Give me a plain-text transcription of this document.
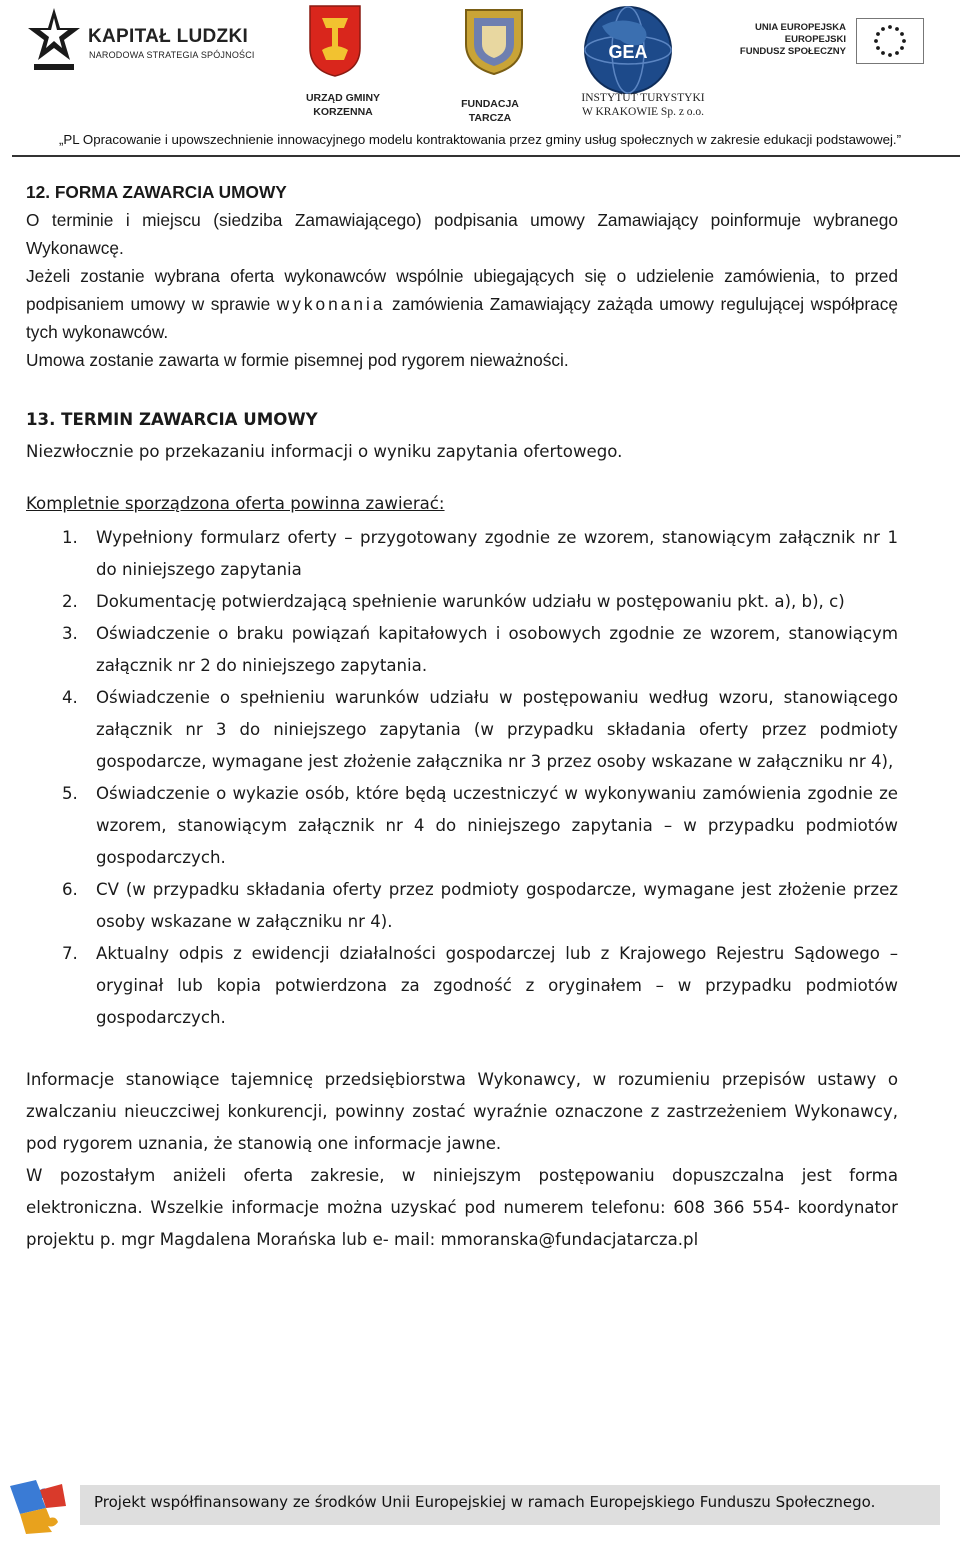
KAPITAŁ LUDZKI
NARODOWA STRATEGIA SPÓJNOŚCI	GEA
UNIA EUROPEJSKA
EUROPEJSKI
FUNDUSZ SPOŁECZNY
URZĄD GMINY
KORZENNA
FUNDACJA TARCZA
INSTYTUT TURYSTYKI
W KRAKOWIE Sp. z o.o.
„PL Opracowanie i upowszechnienie innowacyjnego modelu kontraktowania przez gminy usług społecznych w zakresie edukacji podstawowej.”

12. FORMA ZAWARCIA UMOWY

O terminie i miejscu (siedziba Zamawiającego) podpisania umowy Zamawiający poinformuje wybranego Wykonawcę.

Jeżeli zostanie wybrana oferta wykonawców wspólnie ubiegających się o udzielenie zamówienia, to przed podpisaniem umowy w sprawie wykonania zamówienia Zamawiający zażąda umowy regulującej współpracę tych wykonawców.

Umowa zostanie zawarta w formie pisemnej pod rygorem nieważności.

13. TERMIN ZAWARCIA UMOWY

Niezwłocznie po przekazaniu informacji o wyniku zapytania ofertowego.

Kompletnie sporządzona oferta powinna zawierać:

1. Wypełniony formularz oferty – przygotowany zgodnie ze wzorem, stanowiącym załącznik nr 1 do niniejszego zapytania
2. Dokumentację potwierdzającą spełnienie warunków udziału w postępowaniu pkt. a), b), c)
3. Oświadczenie o braku powiązań kapitałowych i osobowych zgodnie ze wzorem, stanowiącym załącznik nr 2 do niniejszego zapytania.
4. Oświadczenie o spełnieniu warunków udziału w postępowaniu według wzoru, stanowiącego załącznik nr 3 do niniejszego zapytania (w przypadku składania oferty przez podmioty gospodarcze, wymagane jest złożenie załącznika nr 3 przez osoby wskazane w załączniku nr 4),
5. Oświadczenie o wykazie osób, które będą uczestniczyć w wykonywaniu zamówienia zgodnie ze wzorem, stanowiącym załącznik nr 4 do niniejszego zapytania – w przypadku podmiotów gospodarczych.
6. CV (w przypadku składania oferty przez podmioty gospodarcze, wymagane jest złożenie przez osoby wskazane w załączniku nr 4).
7. Aktualny odpis z ewidencji działalności gospodarczej lub z Krajowego Rejestru Sądowego – oryginał lub kopia potwierdzona za zgodność z oryginałem – w przypadku podmiotów gospodarczych.

Informacje stanowiące tajemnicę przedsiębiorstwa Wykonawcy, w rozumieniu przepisów ustawy o zwalczaniu nieuczciwej konkurencji, powinny zostać wyraźnie oznaczone z zastrzeżeniem Wykonawcy, pod rygorem uznania, że stanowią one informacje jawne.

W pozostałym aniżeli oferta zakresie, w niniejszym postępowaniu dopuszczalna jest forma elektroniczna. Wszelkie informacje można uzyskać pod numerem telefonu: 608 366 554- koordynator projektu p. mgr Magdalena Morańska lub e- mail: mmoranska@fundacjatarcza.pl

Projekt współfinansowany ze środków Unii Europejskiej w ramach Europejskiego Funduszu Społecznego.
